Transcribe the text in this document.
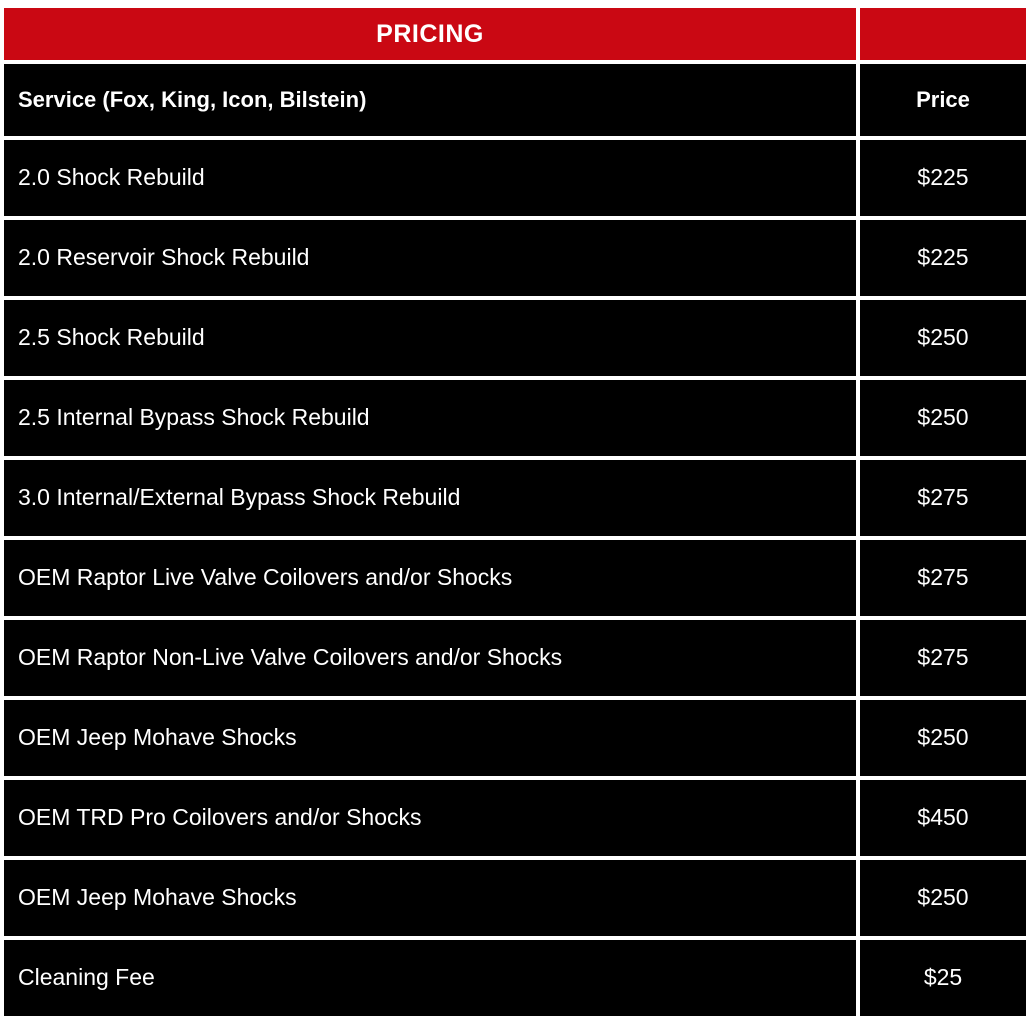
PRICING	
Service (Fox, King, Icon, Bilstein)	Price

2.0 Shock Rebuild	$225

2.0 Reservoir Shock Rebuild	$225

2.5 Shock Rebuild	$250

2.5 Internal Bypass Shock Rebuild	$250

3.0 Internal/External Bypass Shock Rebuild	$275

OEM Raptor Live Valve Coilovers and/or Shocks	$275

OEM Raptor Non-Live Valve Coilovers and/or Shocks	$275

OEM Jeep Mohave Shocks	$250

OEM TRD Pro Coilovers and/or Shocks	$450

OEM Jeep Mohave Shocks	$250

Cleaning Fee	$25
